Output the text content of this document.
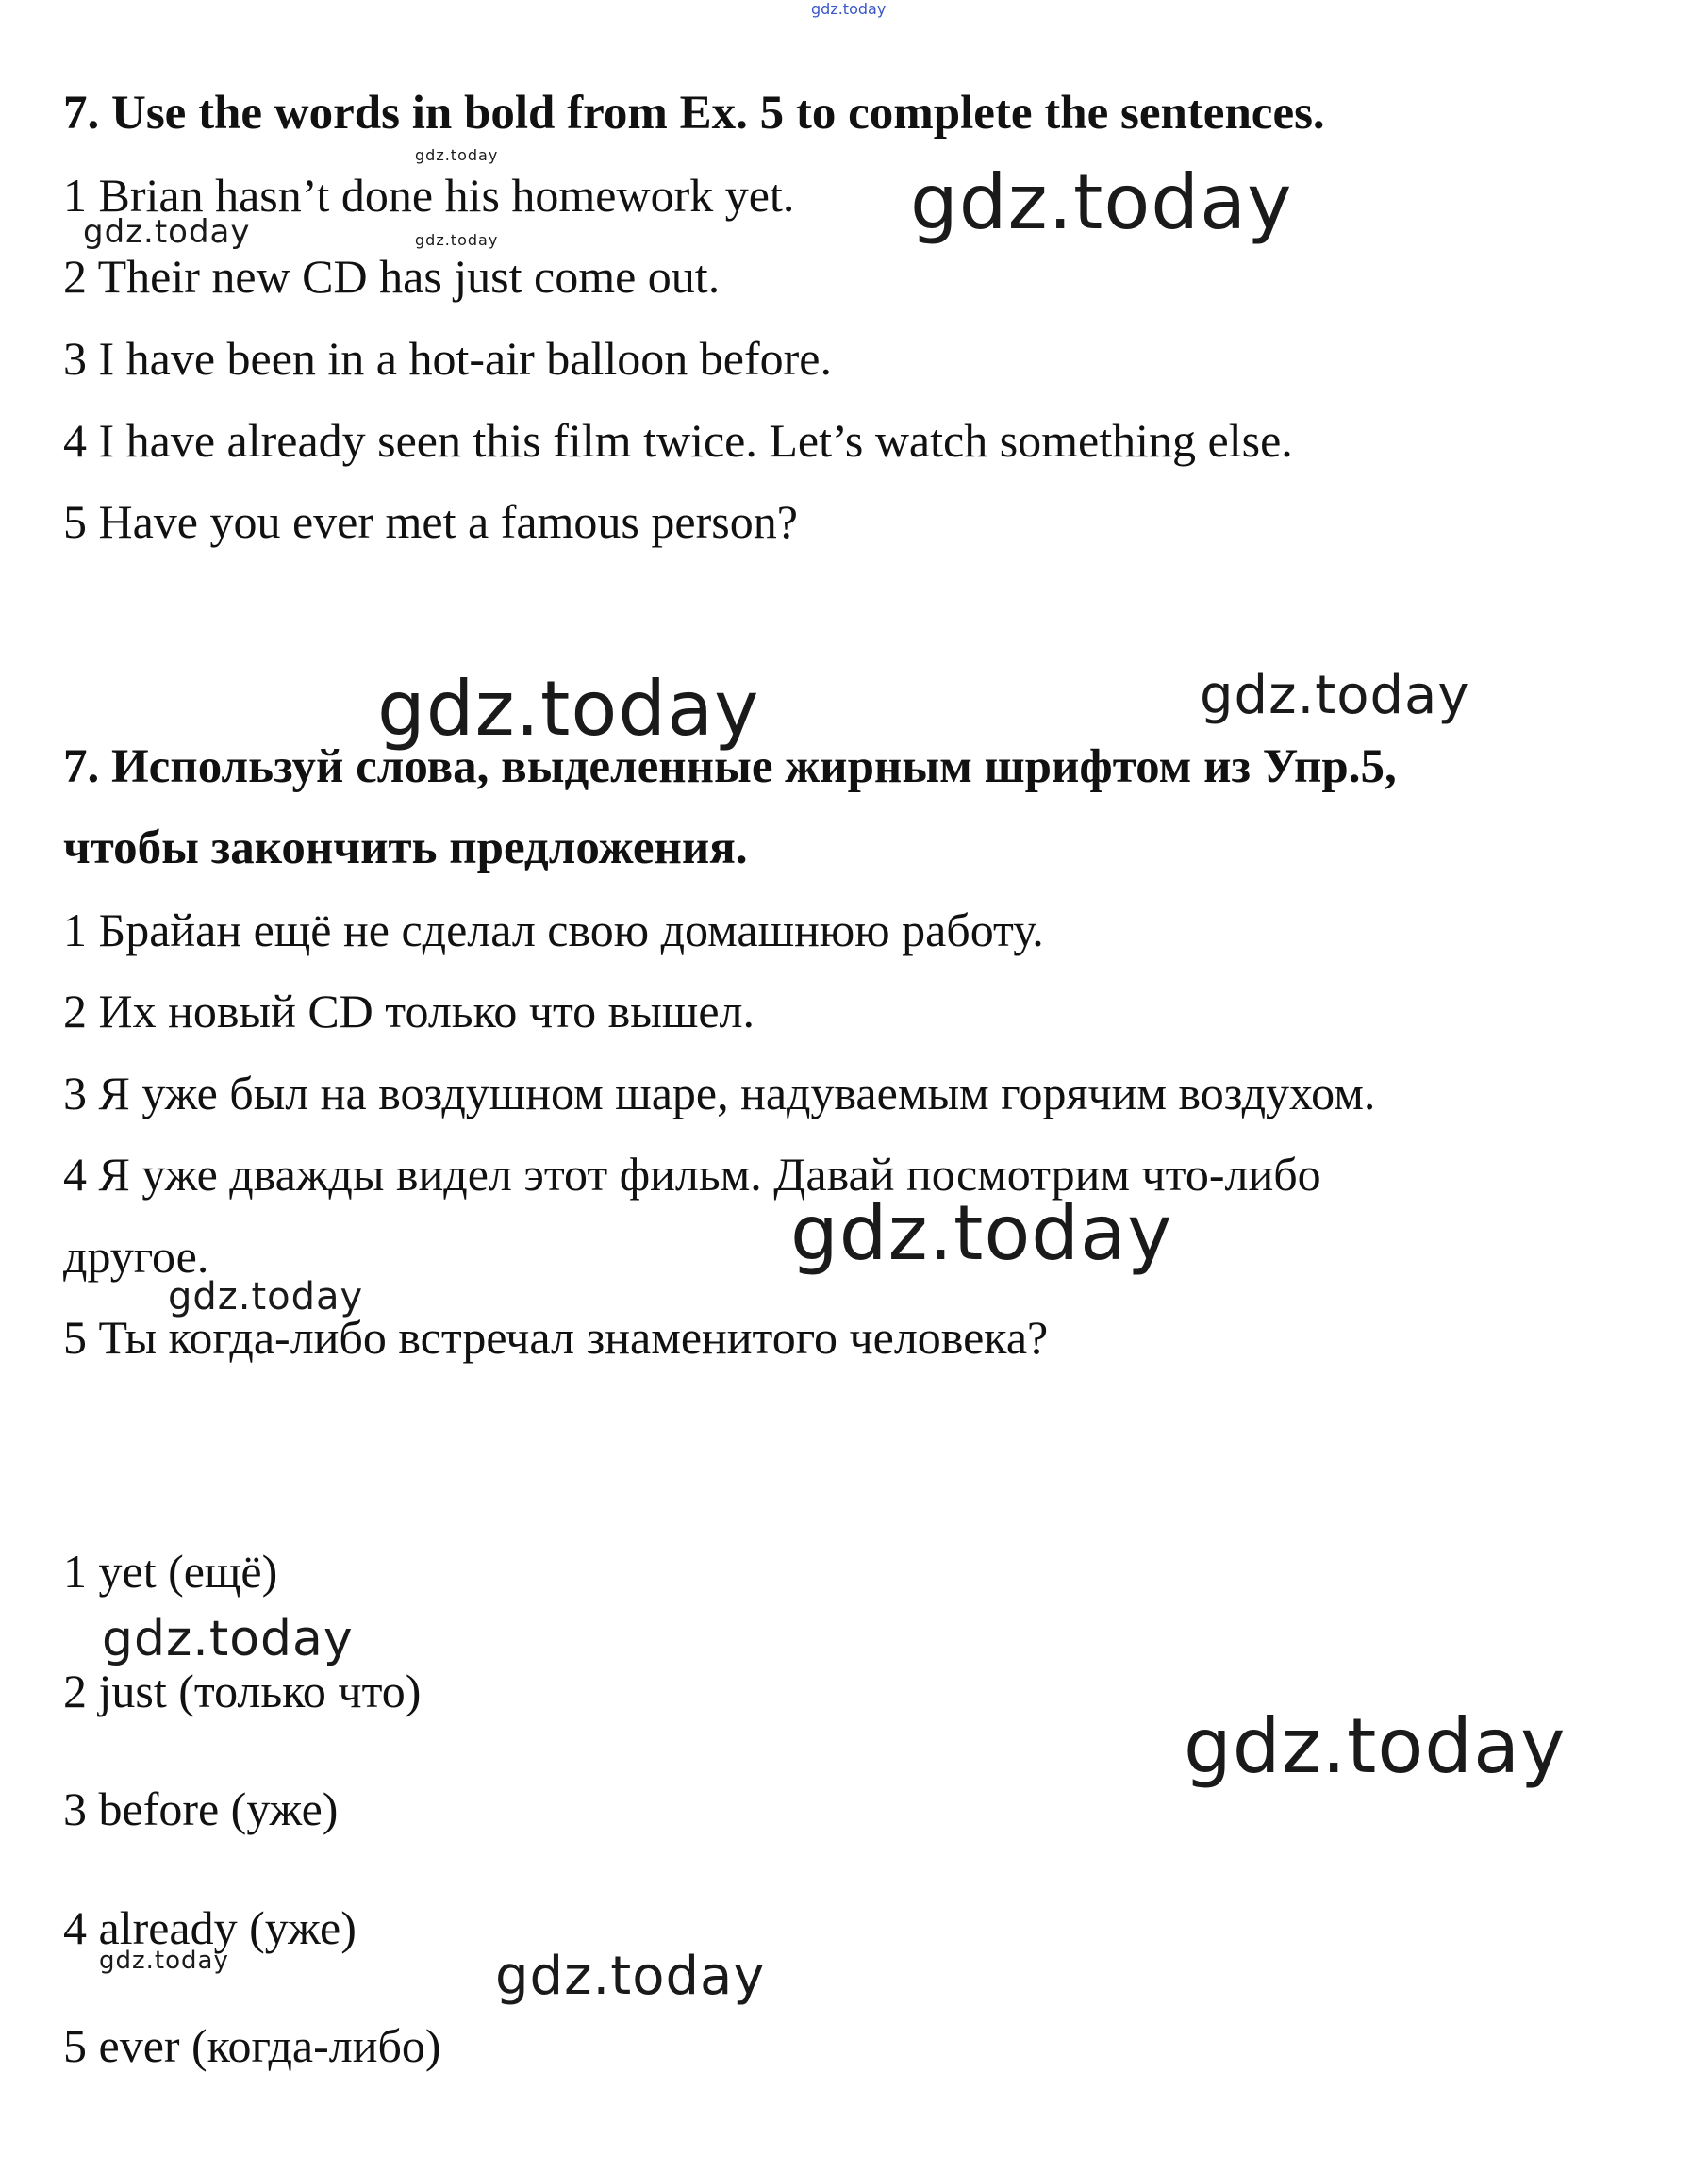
gdz.today
gdz.today
gdz.today
gdz.today	gdz.today
gdz.today	gdz.today
gdz.today
gdz.today
gdz.today
gdz.today
gdz.today	gdz.today

7. Use the words in bold from Ex. 5 to complete the sentences.

1 Brian hasn’t done his homework yet.

2 Their new CD has just come out.

3 I have been in a hot-air balloon before.

4 I have already seen this film twice. Let’s watch something else.

5 Have you ever met a famous person?

7. Используй слова, выделенные жирным шрифтом из Упр.5,

чтобы закончить предложения.

1 Брайан ещё не сделал свою домашнюю работу.

2 Их новый CD только что вышел.

3 Я уже был на воздушном шаре, надуваемым горячим воздухом.

4 Я уже дважды видел этот фильм. Давай посмотрим что-либо

другое.

5 Ты когда-либо встречал знаменитого человека?

1 yet (ещё)

2 just (только что)

3 before (уже)

4 already (уже)

5 ever (когда-либо)
